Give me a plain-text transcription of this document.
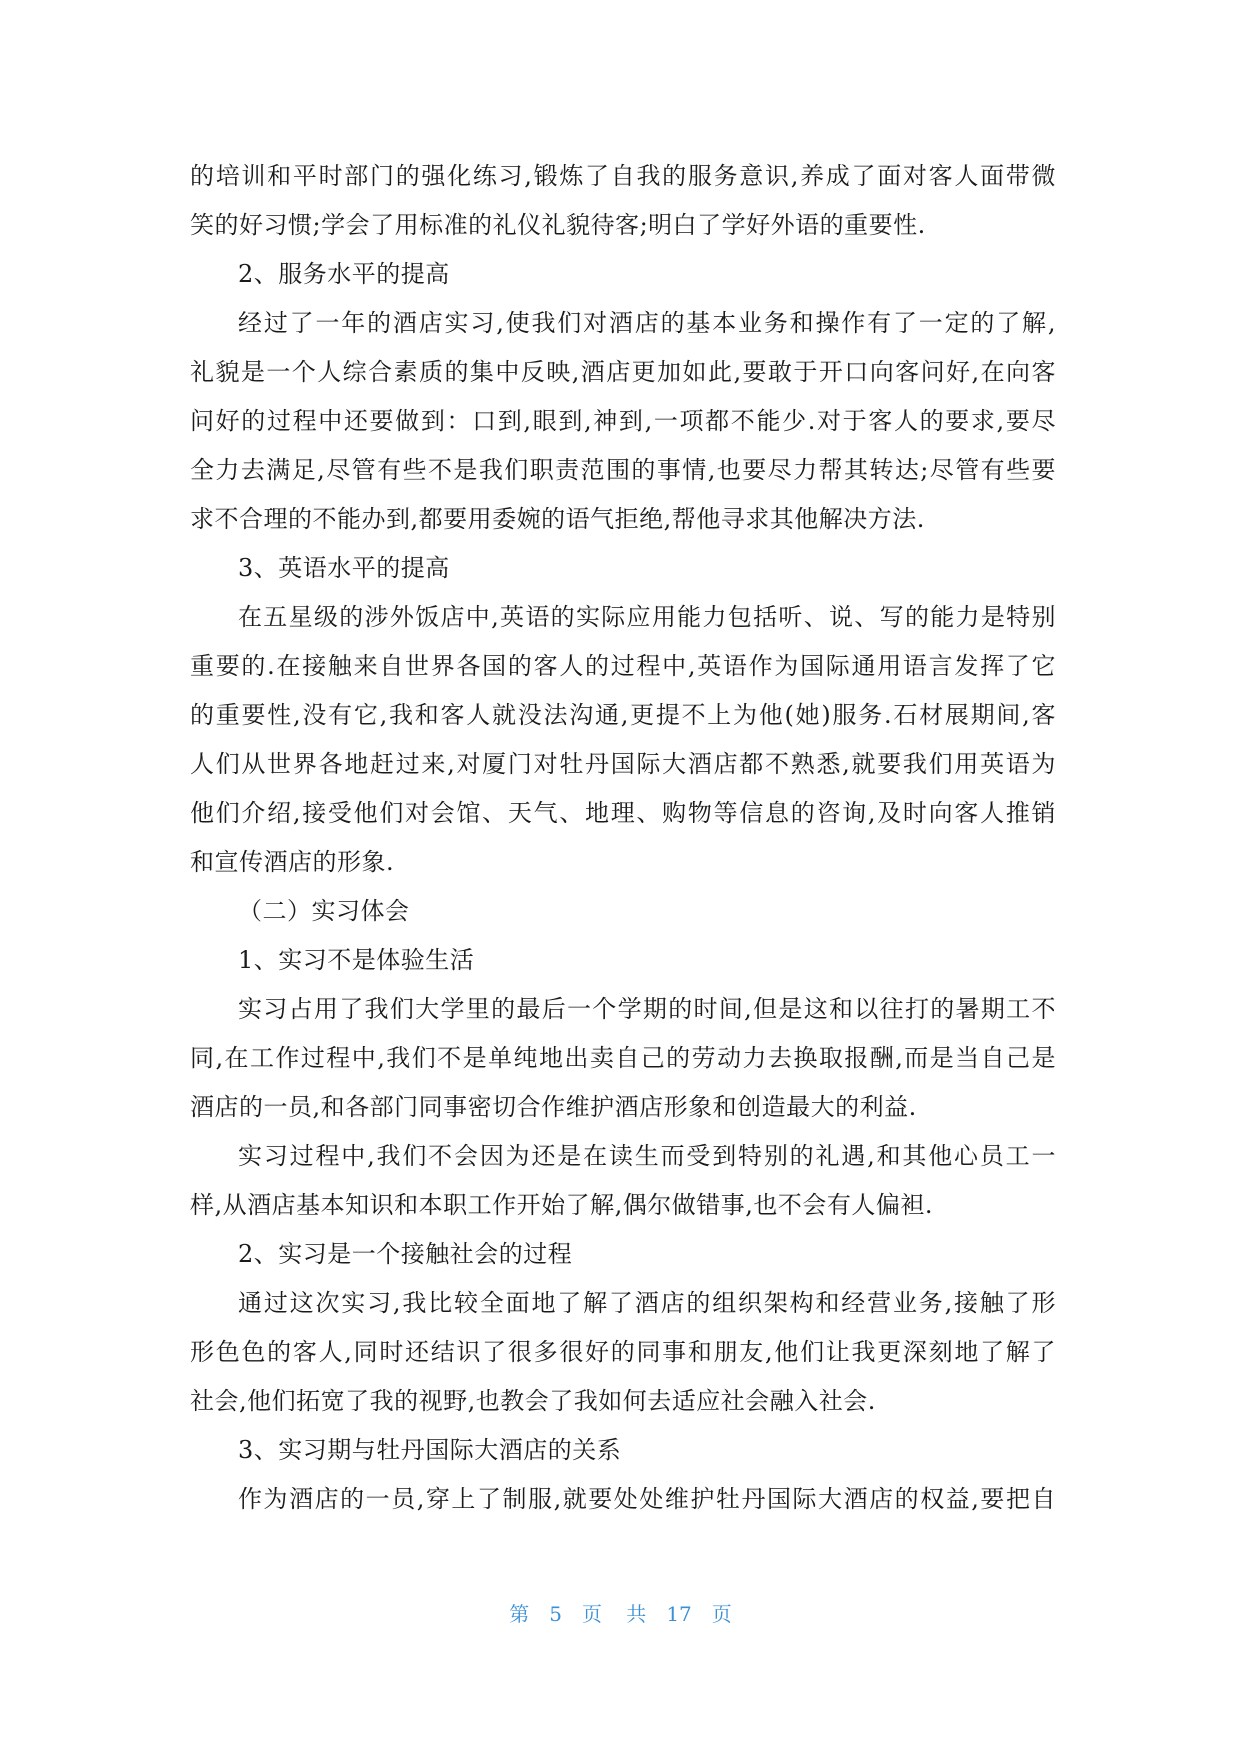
的培训和平时部门的强化练习,锻炼了自我的服务意识,养成了面对客人面带微
笑的好习惯;学会了用标准的礼仪礼貌待客;明白了学好外语的重要性.
2、服务水平的提高
经过了一年的酒店实习,使我们对酒店的基本业务和操作有了一定的了解,
礼貌是一个人综合素质的集中反映,酒店更加如此,要敢于开口向客问好,在向客
问好的过程中还要做到：口到,眼到,神到,一项都不能少.对于客人的要求,要尽
全力去满足,尽管有些不是我们职责范围的事情,也要尽力帮其转达;尽管有些要
求不合理的不能办到,都要用委婉的语气拒绝,帮他寻求其他解决方法.
3、英语水平的提高
在五星级的涉外饭店中,英语的实际应用能力包括听、说、写的能力是特别
重要的.在接触来自世界各国的客人的过程中,英语作为国际通用语言发挥了它
的重要性,没有它,我和客人就没法沟通,更提不上为他(她)服务.石材展期间,客
人们从世界各地赶过来,对厦门对牡丹国际大酒店都不熟悉,就要我们用英语为
他们介绍,接受他们对会馆、天气、地理、购物等信息的咨询,及时向客人推销
和宣传酒店的形象.
（二）实习体会
1、实习不是体验生活
实习占用了我们大学里的最后一个学期的时间,但是这和以往打的暑期工不
同,在工作过程中,我们不是单纯地出卖自己的劳动力去换取报酬,而是当自己是
酒店的一员,和各部门同事密切合作维护酒店形象和创造最大的利益.
实习过程中,我们不会因为还是在读生而受到特别的礼遇,和其他心员工一
样,从酒店基本知识和本职工作开始了解,偶尔做错事,也不会有人偏袒.
2、实习是一个接触社会的过程
通过这次实习,我比较全面地了解了酒店的组织架构和经营业务,接触了形
形色色的客人,同时还结识了很多很好的同事和朋友,他们让我更深刻地了解了
社会,他们拓宽了我的视野,也教会了我如何去适应社会融入社会.
3、实习期与牡丹国际大酒店的关系
作为酒店的一员,穿上了制服,就要处处维护牡丹国际大酒店的权益,要把自
第 5 页 共 17 页
